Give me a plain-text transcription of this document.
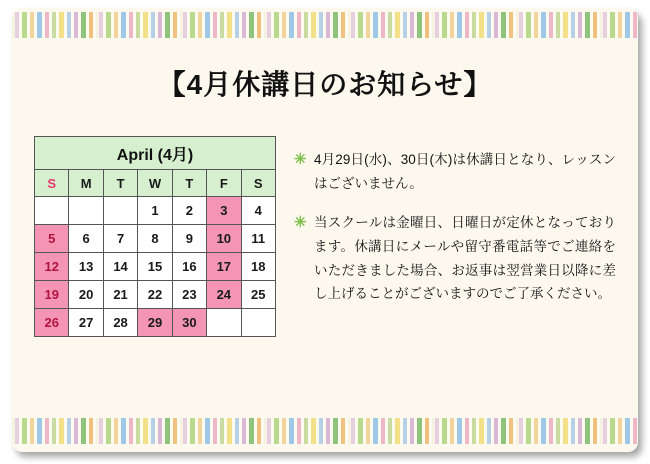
【4月休講日のお知らせ】
April (4月)						
S	M	T	W	T	F	S
			1	2	3	4
5	6	7	8	9	10	11
12	13	14	15	16	17	18
19	20	21	22	23	24	25
26	27	28	29	30		
✳ 4月29日(水)、30日(木)は休講日となり、レッスンはございません。
✳ 当スクールは金曜日、日曜日が定休となっております。休講日にメールや留守番電話等でご連絡をいただきました場合、お返事は翌営業日以降に差し上げることがございますのでご了承ください。
